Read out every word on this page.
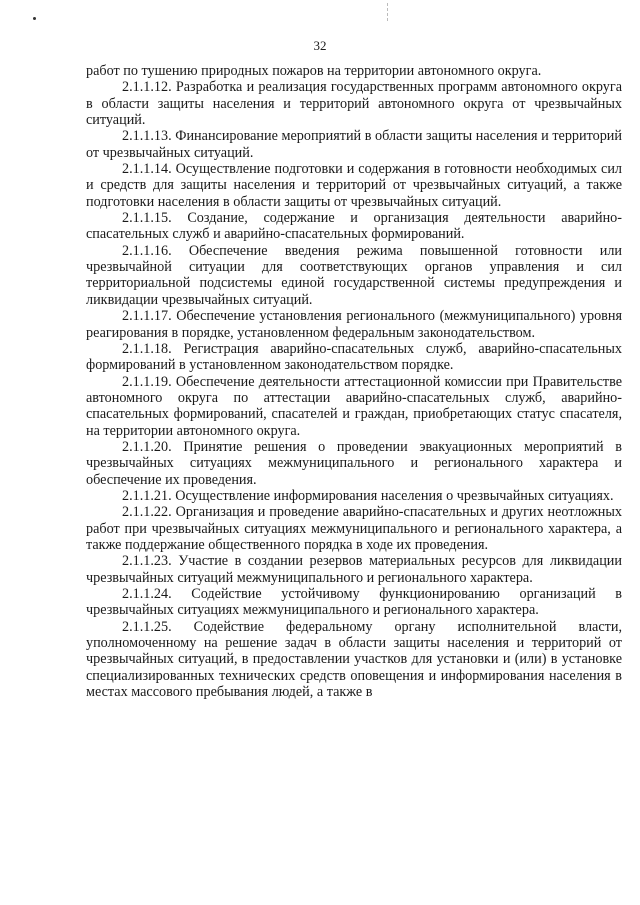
32

работ по тушению природных пожаров на территории автономного округа.

2.1.1.12. Разработка и реализация государственных программ автономного округа в области защиты населения и территорий автономного округа от чрезвычайных ситуаций.

2.1.1.13. Финансирование мероприятий в области защиты населения и территорий от чрезвычайных ситуаций.

2.1.1.14. Осуществление подготовки и содержания в готовности необходимых сил и средств для защиты населения и территорий от чрезвычайных ситуаций, а также подготовки населения в области защиты от чрезвычайных ситуаций.

2.1.1.15. Создание, содержание и организация деятельности аварийно-спасательных служб и аварийно-спасательных формирований.

2.1.1.16. Обеспечение введения режима повышенной готовности или чрезвычайной ситуации для соответствующих органов управления и сил территориальной подсистемы единой государственной системы предупреждения и ликвидации чрезвычайных ситуаций.

2.1.1.17. Обеспечение установления регионального (межмуниципального) уровня реагирования в порядке, установленном федеральным законодательством.

2.1.1.18. Регистрация аварийно-спасательных служб, аварийно-спасательных формирований в установленном законодательством порядке.

2.1.1.19. Обеспечение деятельности аттестационной комиссии при Правительстве автономного округа по аттестации аварийно-спасательных служб, аварийно-спасательных формирований, спасателей и граждан, приобретающих статус спасателя, на территории автономного округа.

2.1.1.20. Принятие решения о проведении эвакуационных мероприятий в чрезвычайных ситуациях межмуниципального и регионального характера и обеспечение их проведения.

2.1.1.21. Осуществление информирования населения о чрезвычайных ситуациях.

2.1.1.22. Организация и проведение аварийно-спасательных и других неотложных работ при чрезвычайных ситуациях межмуниципального и регионального характера, а также поддержание общественного порядка в ходе их проведения.

2.1.1.23. Участие в создании резервов материальных ресурсов для ликвидации чрезвычайных ситуаций межмуниципального и регионального характера.

2.1.1.24. Содействие устойчивому функционированию организаций в чрезвычайных ситуациях межмуниципального и регионального характера.

2.1.1.25. Содействие федеральному органу исполнительной власти, уполномоченному на решение задач в области защиты населения и территорий от чрезвычайных ситуаций, в предоставлении участков для установки и (или) в установке специализированных технических средств оповещения и информирования населения в местах массового пребывания людей, а также в
